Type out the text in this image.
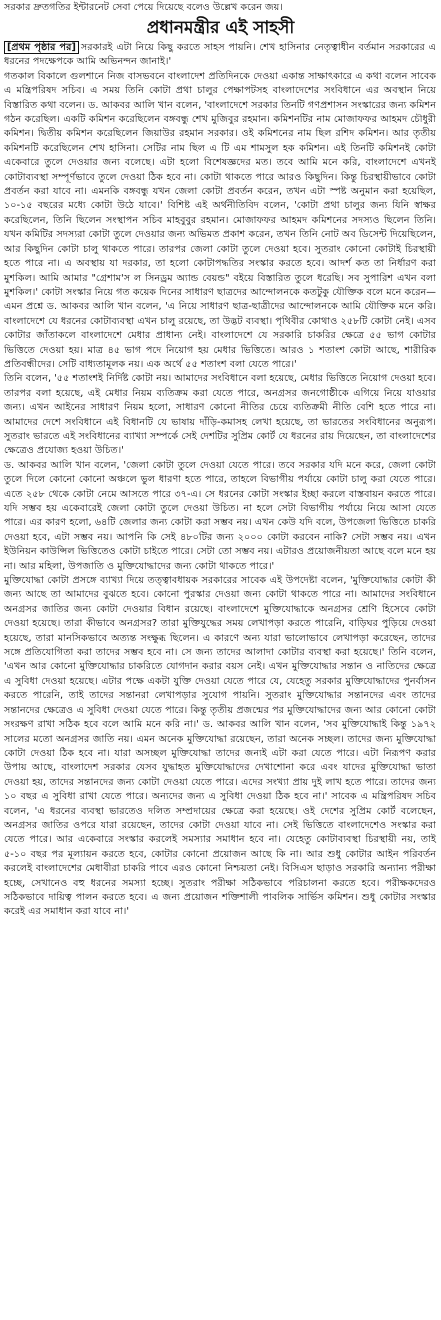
সরকার দ্রুতগতির ইন্টারনেট সেবা পেয়ে দিয়েছে বলেও উল্লেখ করেন জয়।
প্রধানমন্ত্রীর এই সাহসী

[প্রথম পৃষ্ঠার পর] সরকারই এটা নিয়ে কিছু করতে সাহস পায়নি। শেখ হাসিনার নেতৃত্বাধীন বর্তমান সরকারের এ ধরনের পদক্ষেপকে আমি অভিনন্দন জানাই।'

গতকাল বিকালে গুলশানে নিজ বাসভবনে বাংলাদেশ প্রতিদিনকে দেওয়া একান্ত সাক্ষাৎকারে এ কথা বলেন সাবেক এ মন্ত্রিপরিষদ সচিব। এ সময় তিনি কোটা প্রথা চালুর পেক্ষাপটসহ বাংলাদেশের সংবিধানে এর অবস্থান নিয়ে বিস্তারিত কথা বলেন। ড. আকবর আলি খান বলেন, 'বাংলাদেশে সরকার তিনটি গণপ্রশাসন সংস্কারের জন্য কমিশন গঠন করেছিল। একটি কমিশন করেছিলেন বঙ্গবন্ধু শেখ মুজিবুর রহমান। কমিশনটির নাম মোজাফফর আহমদ চৌধুরী কমিশন। দ্বিতীয় কমিশন করেছিলেন জিয়াউর রহমান সরকার। ওই কমিশনের নাম ছিল রশিদ কমিশন। আর তৃতীয় কমিশনটি করেছিলেন শেখ হাসিনা। সেটির নাম ছিল এ টি এম শামসুল হক কমিশন। এই তিনটি কমিশনই কোটা একেবারে তুলে দেওয়ার জন্য বলেছে। এটা হলো বিশেষজ্ঞদের মত। তবে আমি মনে করি, বাংলাদেশে এখনই কোটাব্যবস্থা সম্পূর্ণভাবে তুলে দেওয়া ঠিক হবে না। কোটা থাকতে পারে আরও কিছুদিন। কিন্তু চিরস্থায়ীভাবে কোটা প্রবর্তন করা যাবে না। এমনকি বঙ্গবন্ধু যখন জেলা কোটা প্রবর্তন করেন, তখন এটা স্পষ্ট অনুমান করা হয়েছিল, ১০-১৫ বছরের মধ্যে কোটা উঠে যাবে।' বিশিষ্ট এই অর্থনীতিবিদ বলেন, 'কোটা প্রথা চালুর জন্য যিনি স্বাক্ষর করেছিলেন, তিনি ছিলেন সংস্থাপন সচিব মাহবুবুর রহমান। মোজাফফর আহমদ কমিশনের সদস্যও ছিলেন তিনি। যখন কমিটির সদস্যরা কোটা তুলে দেওয়ার জন্য অভিমত প্রকাশ করেন, তখন তিনি নোট অব ডিসেন্ট দিয়েছিলেন, আর কিছুদিন কোটা চালু থাকতে পারে। তারপর জেলা কোটা তুলে দেওয়া হবে। সুতরাং কোনো কোটাই চিরস্থায়ী হতে পারে না। এ অবস্থায় যা দরকার, তা হলো কোটাপদ্ধতির সংস্কার করতে হবে। আদর্শ কত তা নির্ধারণ করা মুশকিল। আমি আমার "গ্রেশাম'স ল সিনড্রম অ্যান্ড বেয়ন্ড" বইয়ে বিস্তারিত তুলে ধরেছি। সব সুপারিশ এখন বলা মুশকিল।' কোটা সংস্কার নিয়ে গত কয়েক দিনের সাধারণ ছাত্রদের আন্দোলনকে কতটুকু যৌক্তিক বলে মনে করেন—এমন প্রশ্নে ড. আকবর আলি খান বলেন, 'এ নিয়ে সাধারণ ছাত্র-ছাত্রীদের আন্দোলনকে আমি যৌক্তিক মনে করি। বাংলাদেশে যে ধরনের কোটাব্যবস্থা এখন চালু রয়েছে, তা উদ্ভট ব্যবস্থা। পৃথিবীর কোথাও ২৫৮টি কোটা নেই। এসব কোটার জাঁতাকলে বাংলাদেশে মেধার প্রাধান্য নেই। বাংলাদেশে যে সরকারি চাকরির ক্ষেত্রে ৫৫ ভাগ কোটার ভিত্তিতে দেওয়া হয়। মাত্র ৪৫ ভাগ পদে নিয়োগ হয় মেধার ভিত্তিতে। আরও ১ শতাংশ কোটা আছে, শারীরিক প্রতিবন্ধীদের। সেটি বাধ্যতামূলক নয়। এক অর্থে ৫৫ শতাংশ বলা যেতে পারে।'

তিনি বলেন, '৫৫ শতাংশই নির্দিষ্ট কোটা নয়। আমাদের সংবিধানে বলা হয়েছে, মেধার ভিত্তিতে নিয়োগ দেওয়া হবে। তারপর বলা হয়েছে, এই মেধার নিয়ম ব্যতিক্রম করা যেতে পারে, অনগ্রসর জনগোষ্ঠীকে এগিয়ে নিয়ে যাওয়ার জন্য। এখন আইনের সাধারণ নিয়ম হলো, সাধারণ কোনো নীতির চেয়ে ব্যতিক্রমী নীতি বেশি হতে পারে না। আমাদের দেশে সংবিধানে এই বিধানটি যে ভাষায় দাঁড়ি-কমাসহ লেখা হয়েছে, তা ভারতের সংবিধানের অনুরূপ। সুতরাং ভারতে এই সংবিধানের ব্যাখ্যা সম্পর্কে সেই দেশটির সুপ্রিম কোর্ট যে ধরনের রায় দিয়েছেন, তা বাংলাদেশের ক্ষেত্রেও প্রযোজ্য হওয়া উচিত।'

ড. আকবর আলি খান বলেন, 'জেলা কোটা তুলে দেওয়া যেতে পারে। তবে সরকার যদি মনে করে, জেলা কোটা তুলে দিলে কোনো কোনো অঞ্চলে ভুল ধারণা হতে পারে, তাহলে বিভাগীয় পর্যায়ে কোটা চালু করা যেতে পারে। এতে ২৫৮ থেকে কোটা নেমে আসতে পারে ৩৭-এ। সে ধরনের কোটা সংস্কার ইচ্ছা করলে বাস্তবায়ন করতে পারে। যদি সম্ভব হয় একেবারেই জেলা কোটা তুলে দেওয়া উচিত। না হলে সেটা বিভাগীয় পর্যায়ে নিয়ে আসা যেতে পারে। এর কারণ হলো, ৬৪টি জেলার জন্য কোটা করা সম্ভব নয়। এখন কেউ যদি বলে, উপজেলা ভিত্তিতে চাকরি দেওয়া হবে, এটা সম্ভব নয়। আপনি কি সেই ৪৮০টির জন্য ২০০০ কোটা করবেন নাকি? সেটা সম্ভব নয়। এখন ইউনিয়ন কাউন্সিল ভিত্তিতেও কোটা চাইতে পারে। সেটা তো সম্ভব নয়। এটারও প্রয়োজনীয়তা আছে বলে মনে হয় না। আর মহিলা, উপজাতি ও মুক্তিযোদ্ধাদের জন্য কোটা থাকতে পারে।'

মুক্তিযোদ্ধা কোটা প্রসঙ্গে ব্যাখ্যা দিয়ে তত্ত্বাবধায়ক সরকারের সাবেক এই উপদেষ্টা বলেন, 'মুক্তিযোদ্ধার কোটা কী জন্য আছে তা আমাদের বুঝতে হবে। কোনো পুরস্কার দেওয়া জন্য কোটা থাকতে পারে না। আমাদের সংবিধানে অনগ্রসর জাতির জন্য কোটা দেওয়ার বিধান রয়েছে। বাংলাদেশে মুক্তিযোদ্ধাকে অনগ্রসর শ্রেণি হিসেবে কোটা দেওয়া হয়েছে। তারা কীভাবে অনগ্রসর? তারা মুক্তিযুদ্ধের সময় লেখাপড়া করতে পারেনি, বাড়িঘর পুড়িয়ে দেওয়া হয়েছে, তারা মানসিকভাবে অত্যন্ত সংক্ষুব্ধ ছিলেন। এ কারণে অন্য যারা ভালোভাবে লেখাপড়া করেছেন, তাদের সঙ্গে প্রতিযোগিতা করা তাদের সম্ভব হবে না। সে জন্য তাদের আলাদা কোটার ব্যবস্থা করা হয়েছে।' তিনি বলেন, 'এখন আর কোনো মুক্তিযোদ্ধার চাকরিতে যোগদান করার বয়স নেই। এখন মুক্তিযোদ্ধার সন্তান ও নাতিদের ক্ষেত্রে এ সুবিধা দেওয়া হয়েছে। এটার পক্ষে একটা যুক্তি দেওয়া যেতে পারে যে, যেহেতু সরকার মুক্তিযোদ্ধাদের পুনর্বাসন করতে পারেনি, তাই তাদের সন্তানরা লেখাপড়ার সুযোগ পায়নি। সুতরাং মুক্তিযোদ্ধার সন্তানদের এবং তাদের সন্তানদের ক্ষেত্রেও এ সুবিধা দেওয়া যেতে পারে। কিন্তু তৃতীয় প্রজন্মের পর মুক্তিযোদ্ধাদের জন্য আর কোনো কোটা সংরক্ষণ রাখা সঠিক হবে বলে আমি মনে করি না।' ড. আকবর আলি খান বলেন, 'সব মুক্তিযোদ্ধাই কিন্তু ১৯৭২ সালের মতো অনগ্রসর জাতি নয়। এমন অনেক মুক্তিযোদ্ধা রয়েছেন, তারা অনেক সচ্ছল। তাদের জন্য মুক্তিযোদ্ধা কোটা দেওয়া ঠিক হবে না। যারা অসচ্ছল মুক্তিযোদ্ধা তাদের জন্যই এটা করা যেতে পারে। এটা নিরূপণ করার উপায় আছে, বাংলাদেশ সরকার যেসব যুদ্ধাহত মুক্তিযোদ্ধাদের দেখাশোনা করে এবং যাদের মুক্তিযোদ্ধা ভাতা দেওয়া হয়, তাদের সন্তানদের জন্য কোটা দেওয়া যেতে পারে। এদের সংখ্যা প্রায় দুই লাখ হতে পারে। তাদের জন্য ১০ বছর এ সুবিধা রাখা যেতে পারে। অন্যদের জন্য এ সুবিধা দেওয়া ঠিক হবে না।' সাবেক এ মন্ত্রিপরিষদ সচিব বলেন, 'এ ধরনের ব্যবস্থা ভারতেও দলিত সম্প্রদায়ের ক্ষেত্রে করা হয়েছে। ওই দেশের সুপ্রিম কোর্ট বলেছেন, অনগ্রসর জাতির ওপরে যারা রয়েছেন, তাদের কোটা দেওয়া যাবে না। সেই ভিত্তিতে বাংলাদেশেও সংস্কার করা যেতে পারে। আর একেবারে সংস্কার করলেই সমস্যার সমাধান হবে না। যেহেতু কোটাব্যবস্থা চিরস্থায়ী নয়, তাই ৫-১০ বছর পর মূল্যায়ন করতে হবে, কোটার কোনো প্রয়োজন আছে কি না। আর শুধু কোটার আইন পরিবর্তন করলেই বাংলাদেশের মেধাবীরা চাকরি পাবে এরও কোনো নিশ্চয়তা নেই। বিসিএস ছাড়াও সরকারি অন্যান্য পরীক্ষা হচ্ছে, সেখানেও বহু ধরনের সমস্যা হচ্ছে। সুতরাং পরীক্ষা সঠিকভাবে পরিচালনা করতে হবে। পরীক্ষকদেরও সঠিকভাবে দায়িত্ব পালন করতে হবে। এ জন্য প্রয়োজন শক্তিশালী পাবলিক সার্ভিস কমিশন। শুধু কোটার সংস্কার করেই এর সমাধান করা যাবে না।'
